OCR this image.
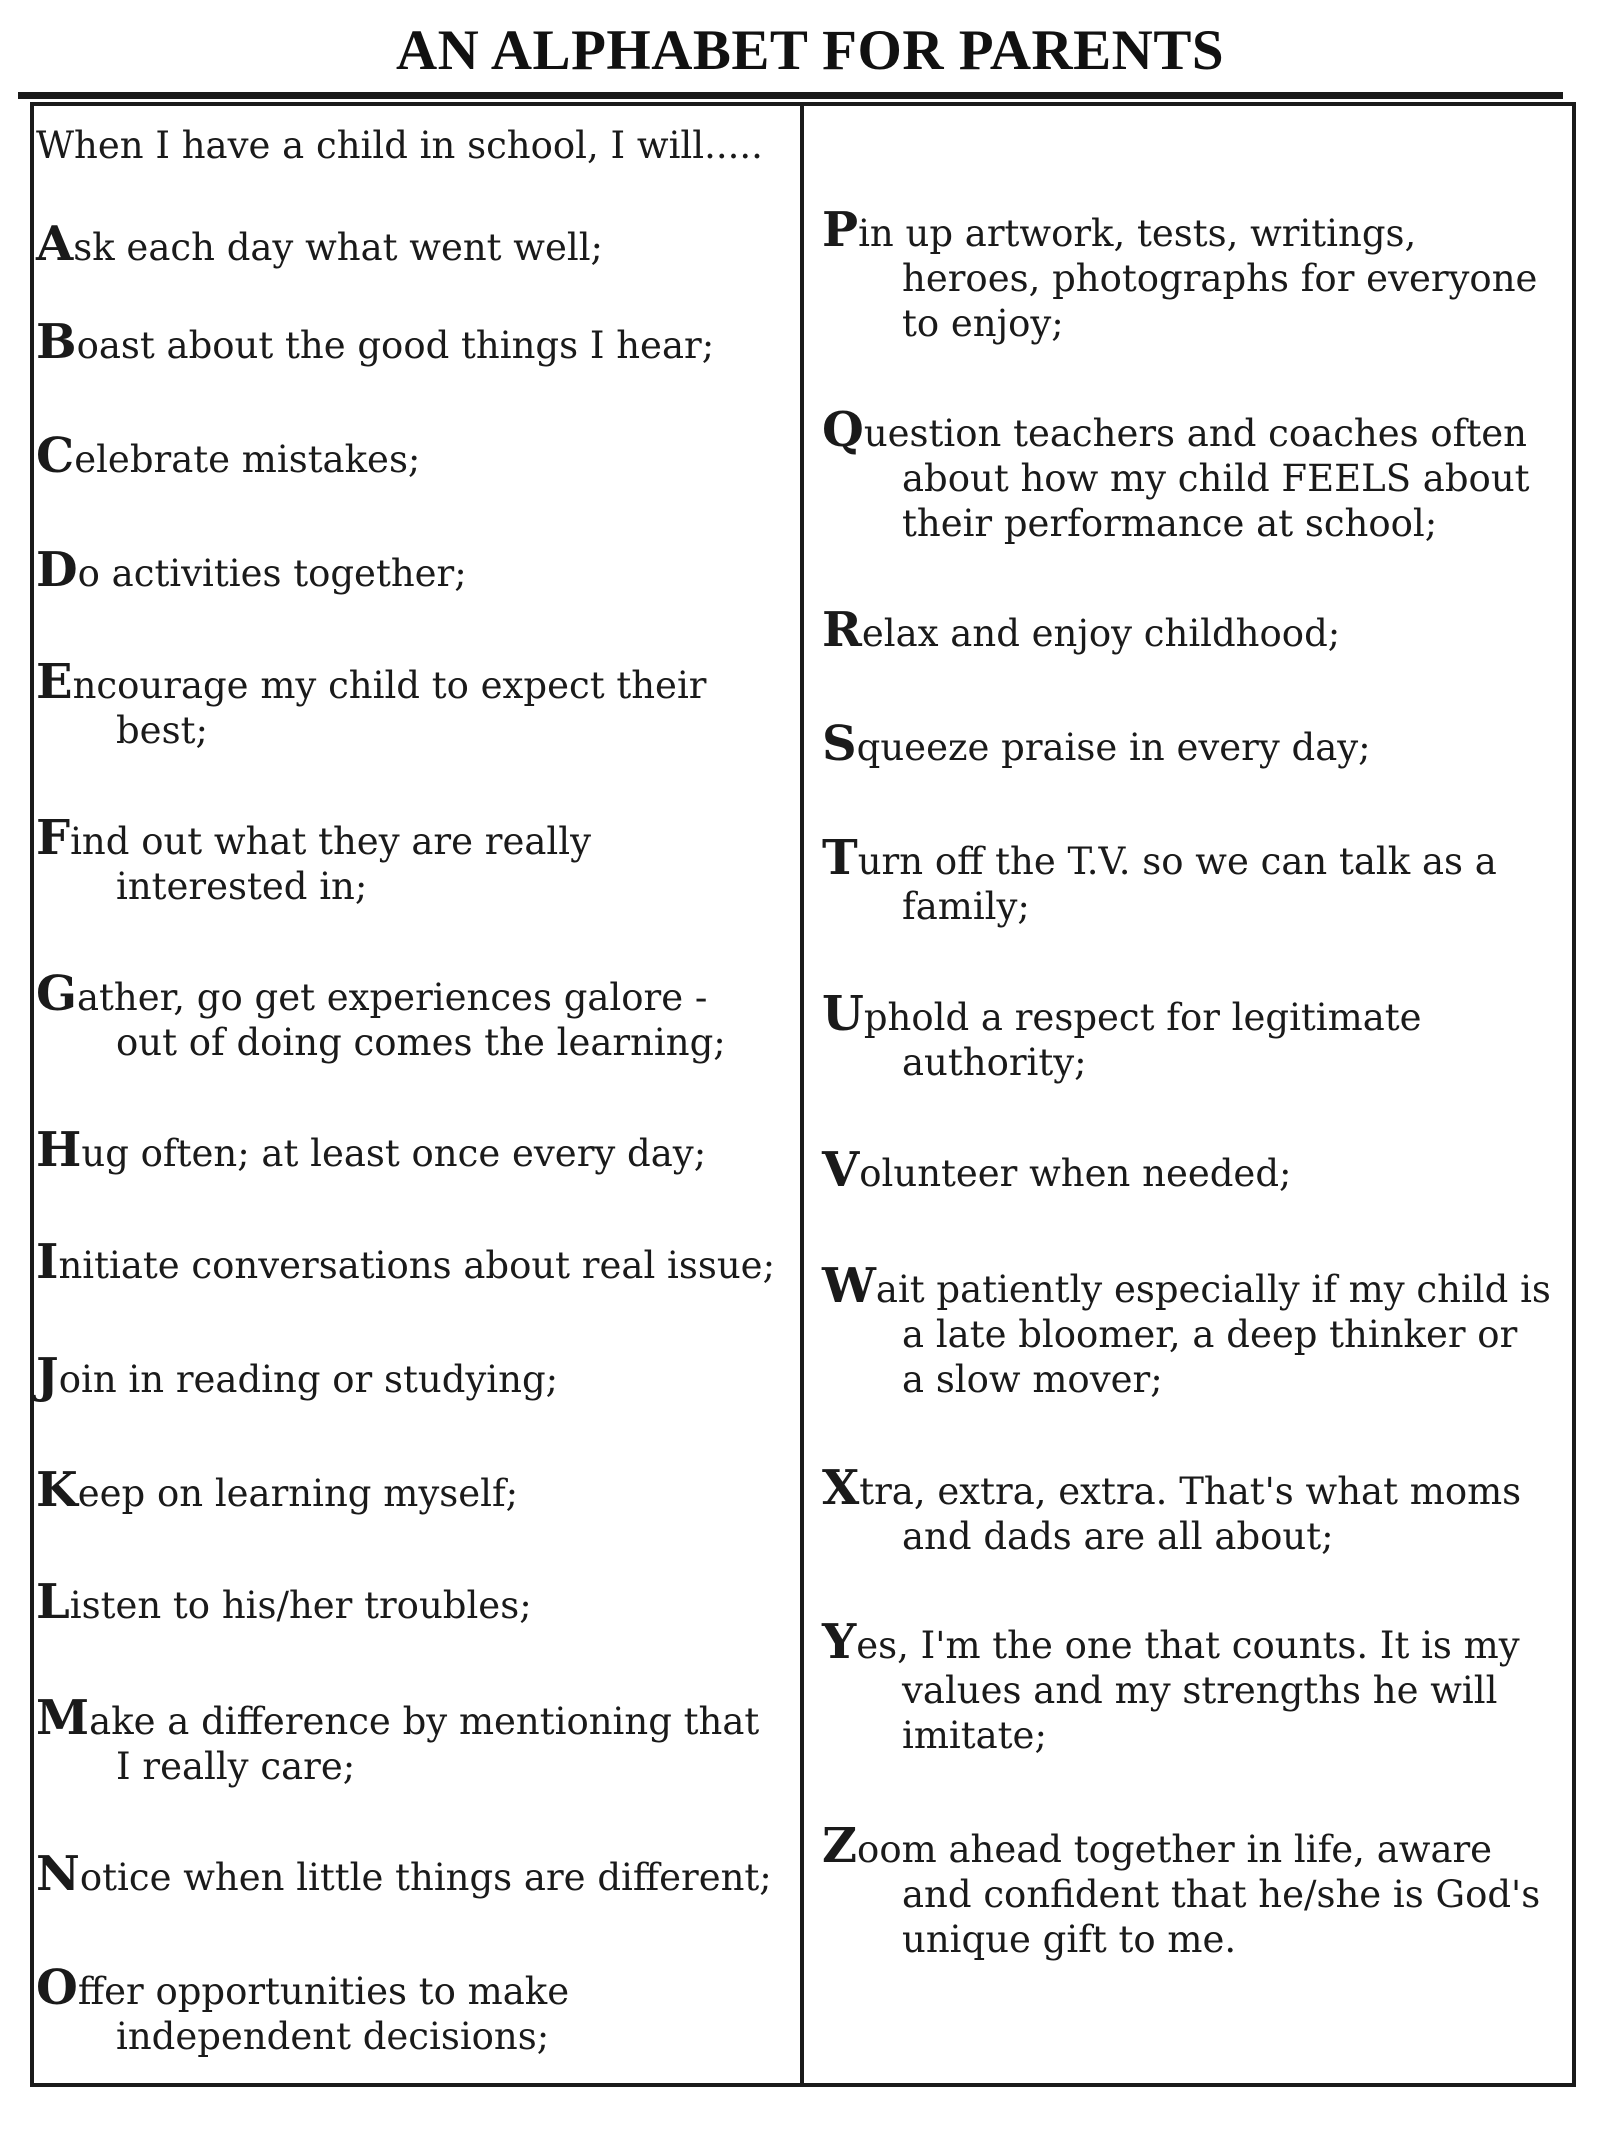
AN ALPHABET FOR PARENTS
When I have a child in school, I will.....
Ask each day what went well;
Boast about the good things I hear;
Celebrate mistakes;
Do activities together;
Encourage my child to expect their
best;
Find out what they are really
interested in;
Gather, go get experiences galore -
out of doing comes the learning;
Hug often; at least once every day;
Initiate conversations about real issue;
Join in reading or studying;
Keep on learning myself;
Listen to his/her troubles;
Make a difference by mentioning that
I really care;
Notice when little things are different;
Offer opportunities to make
independent decisions;
Pin up artwork, tests, writings,
heroes, photographs for everyone
to enjoy;
Question teachers and coaches often
about how my child FEELS about
their performance at school;
Relax and enjoy childhood;
Squeeze praise in every day;
Turn off the T.V. so we can talk as a
family;
Uphold a respect for legitimate
authority;
Volunteer when needed;
Wait patiently especially if my child is
a late bloomer, a deep thinker or
a slow mover;
Xtra, extra, extra. That's what moms
and dads are all about;
Yes, I'm the one that counts. It is my
values and my strengths he will
imitate;
Zoom ahead together in life, aware
and confident that he/she is God's
unique gift to me.
